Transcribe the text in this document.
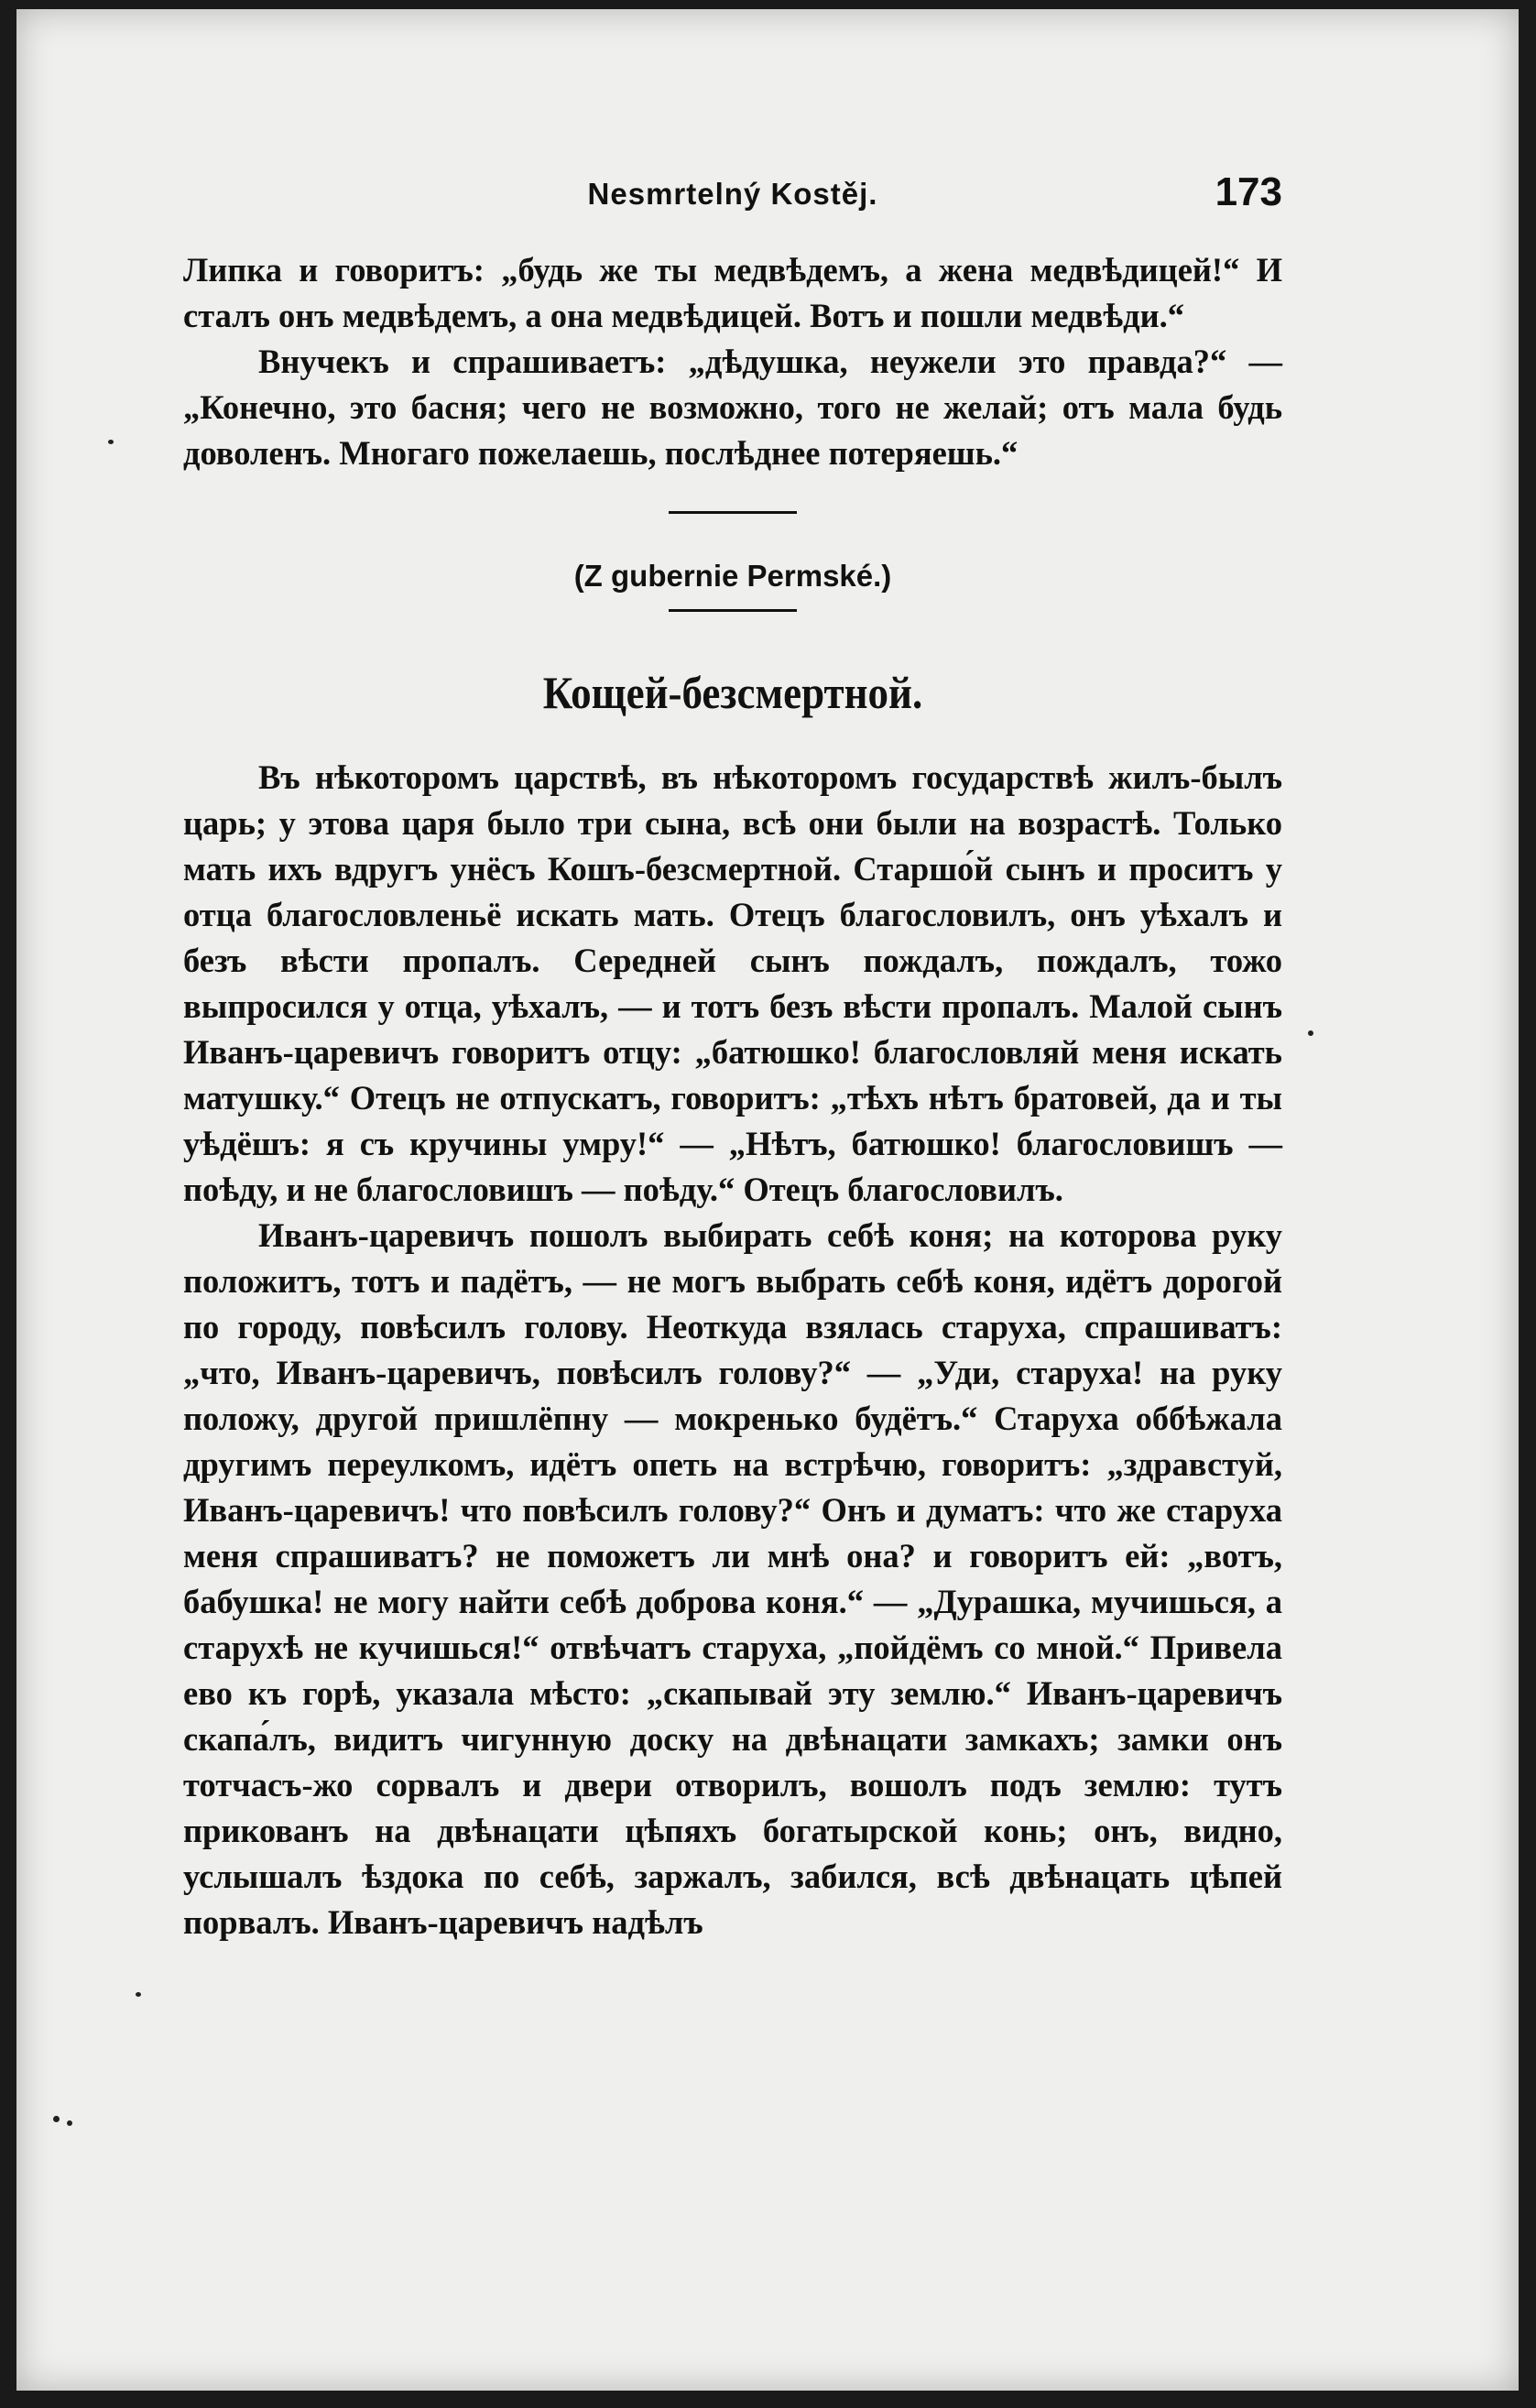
Nesmrtelný Kostěj.	173

Липка и говоритъ: „будь же ты медвѣдемъ, а жена медвѣдицей!“ И сталъ онъ медвѣдемъ, а она медвѣдицей. Вотъ и пошли медвѣди.“

Внучекъ и спрашиваетъ: „дѣдушка, неужели это правда?“ — „Конечно, это басня; чего не возможно, того не желай; отъ мала будь доволенъ. Многаго пожелаешь, послѣднее потеряешь.“

(Z gubernie Permské.)
Кощей-безсмертной.

Въ нѣкоторомъ царствѣ, въ нѣкоторомъ государствѣ жилъ-былъ царь; у этова царя было три сына, всѣ они были на возрастѣ. Только мать ихъ вдругъ унёсъ Кошъ-безсмертной. Старшо́й сынъ и проситъ у отца благословленьё искать мать. Отецъ благословилъ, онъ уѣхалъ и безъ вѣсти пропалъ. Середней сынъ пождалъ, пождалъ, тожо выпросился у отца, уѣхалъ, — и тотъ безъ вѣсти пропалъ. Малой сынъ Иванъ-царевичъ говоритъ отцу: „батюшко! благословляй меня искать матушку.“ Отецъ не отпускатъ, говоритъ: „тѣхъ нѣтъ братовей, да и ты уѣдёшъ: я съ кручины умру!“ — „Нѣтъ, батюшко! благословишъ — поѣду, и не благословишъ — поѣду.“ Отецъ благословилъ.

Иванъ-царевичъ пошолъ выбирать себѣ коня; на которова руку положитъ, тотъ и падётъ, — не могъ выбрать себѣ коня, идётъ дорогой по городу, повѣсилъ голову. Неоткуда взялась старуха, спрашиватъ: „что, Иванъ-царевичъ, повѣсилъ голову?“ — „Уди, старуха! на руку положу, другой пришлёпну — мокренько будётъ.“ Старуха оббѣжала другимъ переулкомъ, идётъ опеть на встрѣчю, говоритъ: „здравстуй, Иванъ-царевичъ! что повѣсилъ голову?“ Онъ и думатъ: что же старуха меня спрашиватъ? не поможетъ ли мнѣ она? и говоритъ ей: „вотъ, бабушка! не могу найти себѣ доброва коня.“ — „Дурашка, мучишься, а старухѣ не кучишься!“ отвѣчатъ старуха, „пойдёмъ со мной.“ Привела ево къ горѣ, указала мѣсто: „скапывай эту землю.“ Иванъ-царевичъ скапа́лъ, видитъ чигунную доску на двѣнацати замкахъ; замки онъ тотчасъ-жо сорвалъ и двери отворилъ, вошолъ подъ землю: тутъ прикованъ на двѣнацати цѣпяхъ богатырской конь; онъ, видно, услышалъ ѣздока по себѣ, заржалъ, забился, всѣ двѣнацать цѣпей порвалъ. Иванъ-царевичъ надѣлъ
